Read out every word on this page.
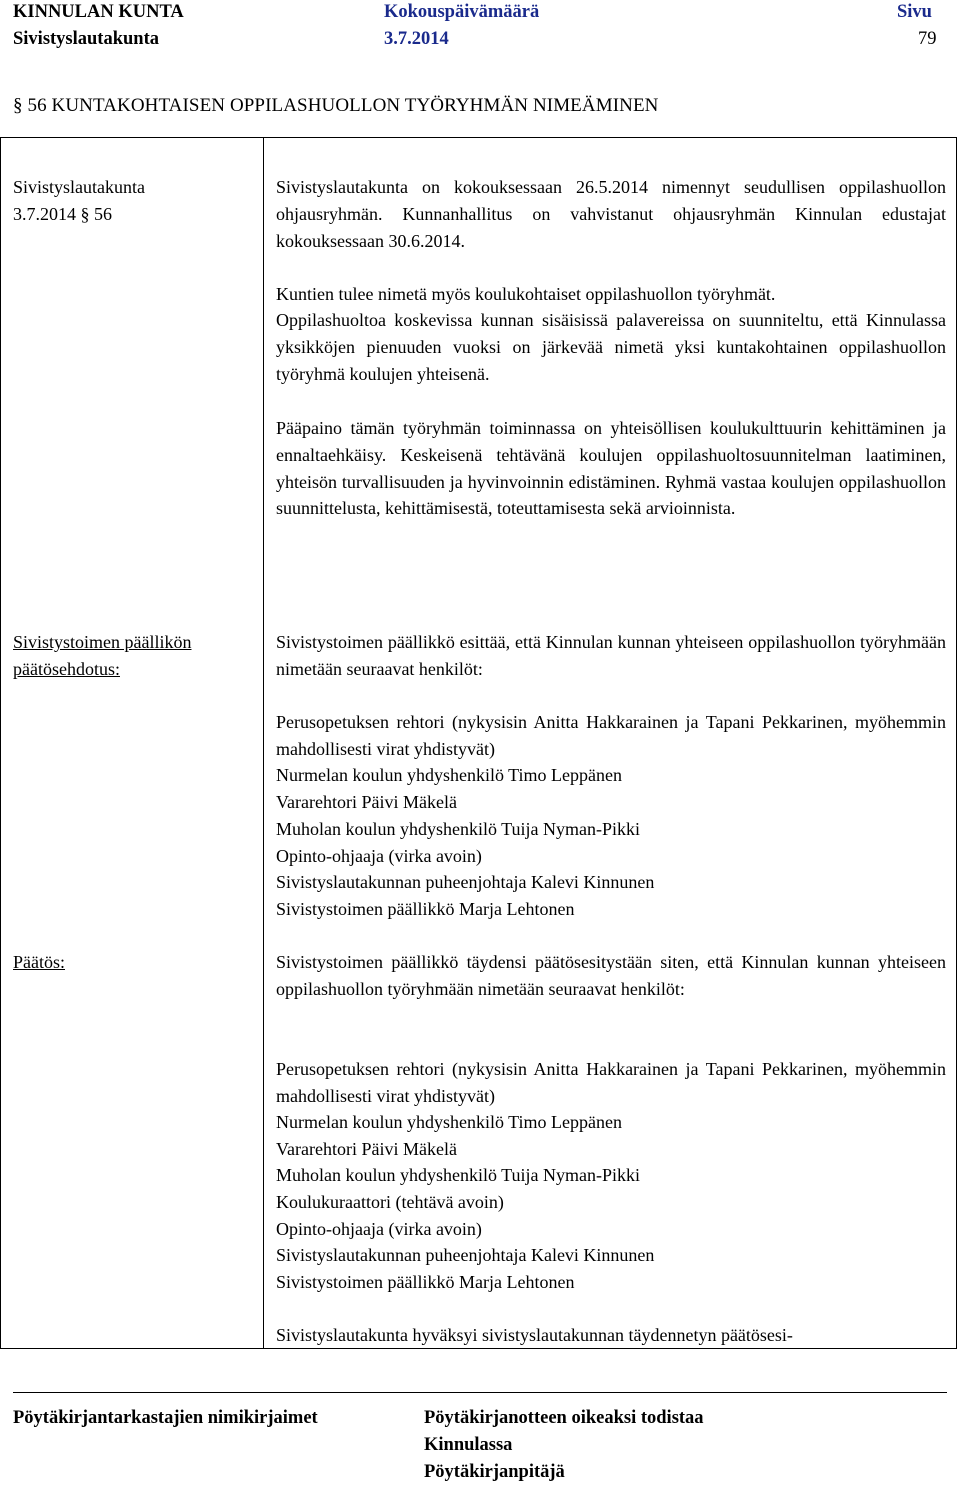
KINNULAN KUNTA
Sivistyslautakunta
Kokouspäivämäärä
3.7.2014
Sivu
79
§ 56 KUNTAKOHTAISEN OPPILASHUOLLON TYÖRYHMÄN NIMEÄMINEN
Sivistyslautakunta
3.7.2014 § 56
Sivistyslautakunta on kokouksessaan 26.5.2014 nimennyt seudullisen oppilashuollon ohjausryhmän. Kunnanhallitus on vahvistanut ohjausryhmän Kinnulan edustajat kokouksessaan 30.6.2014.
Kuntien tulee nimetä myös koulukohtaiset oppilashuollon työryhmät.
Oppilashuoltoa koskevissa kunnan sisäisissä palavereissa on suunniteltu, että Kinnulassa yksikköjen pienuuden vuoksi on järkevää nimetä yksi kuntakohtainen oppilashuollon työryhmä koulujen yhteisenä.
Pääpaino tämän työryhmän toiminnassa on yhteisöllisen koulukulttuurin kehittäminen ja ennaltaehkäisy. Keskeisenä tehtävänä koulujen oppilashuoltosuunnitelman laatiminen, yhteisön turvallisuuden ja hyvinvoinnin edistäminen. Ryhmä vastaa koulujen oppilashuollon suunnittelusta, kehittämisestä, toteuttamisesta sekä arvioinnista.
Sivistystoimen päällikön
päätösehdotus:
Sivistystoimen päällikkö esittää, että Kinnulan kunnan yhteiseen oppilashuollon työryhmään nimetään seuraavat henkilöt:
Perusopetuksen rehtori (nykysisin Anitta Hakkarainen ja Tapani Pekkarinen, myöhemmin mahdollisesti virat yhdistyvät)
Nurmelan koulun yhdyshenkilö Timo Leppänen
Vararehtori Päivi Mäkelä
Muholan koulun yhdyshenkilö Tuija Nyman-Pikki
Opinto-ohjaaja (virka avoin)
Sivistyslautakunnan puheenjohtaja Kalevi Kinnunen
Sivistystoimen päällikkö Marja Lehtonen
Päätös:	Sivistystoimen päällikkö täydensi päätösesitystään siten, että Kinnulan kunnan yhteiseen oppilashuollon työryhmään nimetään seuraavat henkilöt:
Perusopetuksen rehtori (nykysisin Anitta Hakkarainen ja Tapani Pekkarinen, myöhemmin mahdollisesti virat yhdistyvät)
Nurmelan koulun yhdyshenkilö Timo Leppänen
Vararehtori Päivi Mäkelä
Muholan koulun yhdyshenkilö Tuija Nyman-Pikki
Koulukuraattori (tehtävä avoin)
Opinto-ohjaaja (virka avoin)
Sivistyslautakunnan puheenjohtaja Kalevi Kinnunen
Sivistystoimen päällikkö Marja Lehtonen
Sivistyslautakunta hyväksyi sivistyslautakunnan täydennetyn päätösesi-
Pöytäkirjantarkastajien nimikirjaimet	Pöytäkirjanotteen oikeaksi todistaa
Kinnulassa
Pöytäkirjanpitäjä
